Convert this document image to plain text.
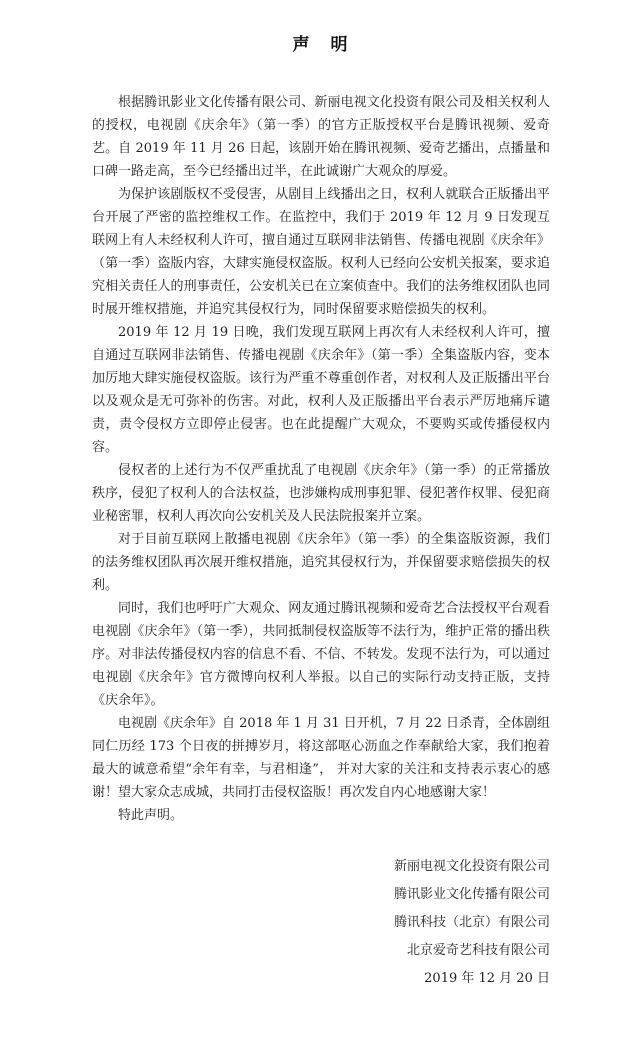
声　明

根据腾讯影业文化传播有限公司、新丽电视文化投资有限公司及相关权利人的授权，电视剧《庆余年》（第一季）的官方正版授权平台是腾讯视频、爱奇艺。自 2019 年 11 月 26 日起，该剧开始在腾讯视频、爱奇艺播出，点播量和口碑一路走高，至今已经播出过半，在此诚谢广大观众的厚爱。

为保护该剧版权不受侵害，从剧目上线播出之日，权利人就联合正版播出平台开展了严密的监控维权工作。在监控中，我们于 2019 年 12 月 9 日发现互联网上有人未经权利人许可，擅自通过互联网非法销售、传播电视剧《庆余年》（第一季）盗版内容，大肆实施侵权盗版。权利人已经向公安机关报案，要求追究相关责任人的刑事责任，公安机关已在立案侦查中。我们的法务维权团队也同时展开维权措施，并追究其侵权行为，同时保留要求赔偿损失的权利。

2019 年 12 月 19 日晚，我们发现互联网上再次有人未经权利人许可，擅自通过互联网非法销售、传播电视剧《庆余年》（第一季）全集盗版内容，变本加厉地大肆实施侵权盗版。该行为严重不尊重创作者，对权利人及正版播出平台以及观众是无可弥补的伤害。对此，权利人及正版播出平台表示严厉地痛斥谴责，责令侵权方立即停止侵害。也在此提醒广大观众，不要购买或传播侵权内容。

侵权者的上述行为不仅严重扰乱了电视剧《庆余年》（第一季）的正常播放秩序，侵犯了权利人的合法权益，也涉嫌构成刑事犯罪、侵犯著作权罪、侵犯商业秘密罪，权利人再次向公安机关及人民法院报案并立案。

对于目前互联网上散播电视剧《庆余年》（第一季）的全集盗版资源，我们的法务维权团队再次展开维权措施，追究其侵权行为，并保留要求赔偿损失的权利。

同时，我们也呼吁广大观众、网友通过腾讯视频和爱奇艺合法授权平台观看电视剧《庆余年》（第一季），共同抵制侵权盗版等不法行为，维护正常的播出秩序。对非法传播侵权内容的信息不看、不信、不转发。发现不法行为，可以通过电视剧《庆余年》官方微博向权利人举报。以自己的实际行动支持正版，支持《庆余年》。

电视剧《庆余年》自 2018 年 1 月 31 日开机，7 月 22 日杀青，全体剧组同仁历经 173 个日夜的拼搏岁月，将这部呕心沥血之作奉献给大家，我们抱着最大的诚意希望“余年有幸，与君相逢”， 并对大家的关注和支持表示衷心的感谢！望大家众志成城，共同打击侵权盗版！再次发自内心地感谢大家！

特此声明。

新丽电视文化投资有限公司
腾讯影业文化传播有限公司
腾讯科技（北京）有限公司
北京爱奇艺科技有限公司
2019 年 12 月 20 日
